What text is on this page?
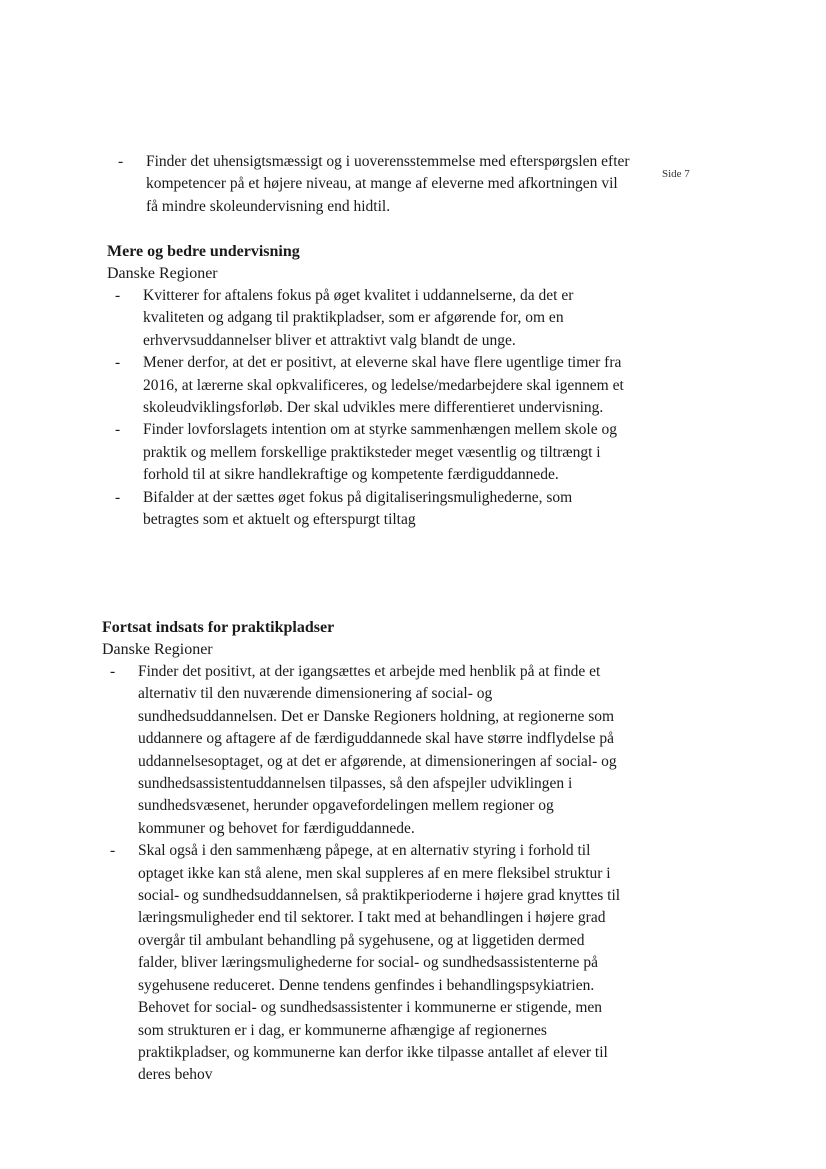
Side 7
- Finder det uhensigtsmæssigt og i uoverensstemmelse med efterspørgslen efter kompetencer på et højere niveau, at mange af eleverne med afkortningen vil få mindre skoleundervisning end hidtil.

Mere og bedre undervisning

Danske Regioner

- Kvitterer for aftalens fokus på øget kvalitet i uddannelserne, da det er kvaliteten og adgang til praktikpladser, som er afgørende for, om en erhvervsuddannelser bliver et attraktivt valg blandt de unge.
- Mener derfor, at det er positivt, at eleverne skal have flere ugentlige timer fra 2016, at lærerne skal opkvalificeres, og ledelse/medarbejdere skal igennem et skoleudviklingsforløb. Der skal udvikles mere differentieret undervisning.
- Finder lovforslagets intention om at styrke sammenhængen mellem skole og praktik og mellem forskellige praktiksteder meget væsentlig og tiltrængt i forhold til at sikre handlekraftige og kompetente færdiguddannede.
- Bifalder at der sættes øget fokus på digitaliseringsmulighederne, som betragtes som et aktuelt og efterspurgt tiltag

Fortsat indsats for praktikpladser

Danske Regioner

- Finder det positivt, at der igangsættes et arbejde med henblik på at finde et alternativ til den nuværende dimensionering af social- og sundhedsuddannelsen. Det er Danske Regioners holdning, at regionerne som uddannere og aftagere af de færdiguddannede skal have større indflydelse på uddannelsesoptaget, og at det er afgørende, at dimensioneringen af social- og sundhedsassistentuddannelsen tilpasses, så den afspejler udviklingen i sundhedsvæsenet, herunder opgavefordelingen mellem regioner og kommuner og behovet for færdiguddannede.
- Skal også i den sammenhæng påpege, at en alternativ styring i forhold til optaget ikke kan stå alene, men skal suppleres af en mere fleksibel struktur i social- og sundhedsuddannelsen, så praktikperioderne i højere grad knyttes til læringsmuligheder end til sektorer. I takt med at behandlingen i højere grad overgår til ambulant behandling på sygehusene, og at liggetiden dermed falder, bliver læringsmulighederne for social- og sundhedsassistenterne på sygehusene reduceret. Denne tendens genfindes i behandlingspsykiatrien. Behovet for social- og sundhedsassistenter i kommunerne er stigende, men som strukturen er i dag, er kommunerne afhængige af regionernes praktikpladser, og kommunerne kan derfor ikke tilpasse antallet af elever til deres behov
